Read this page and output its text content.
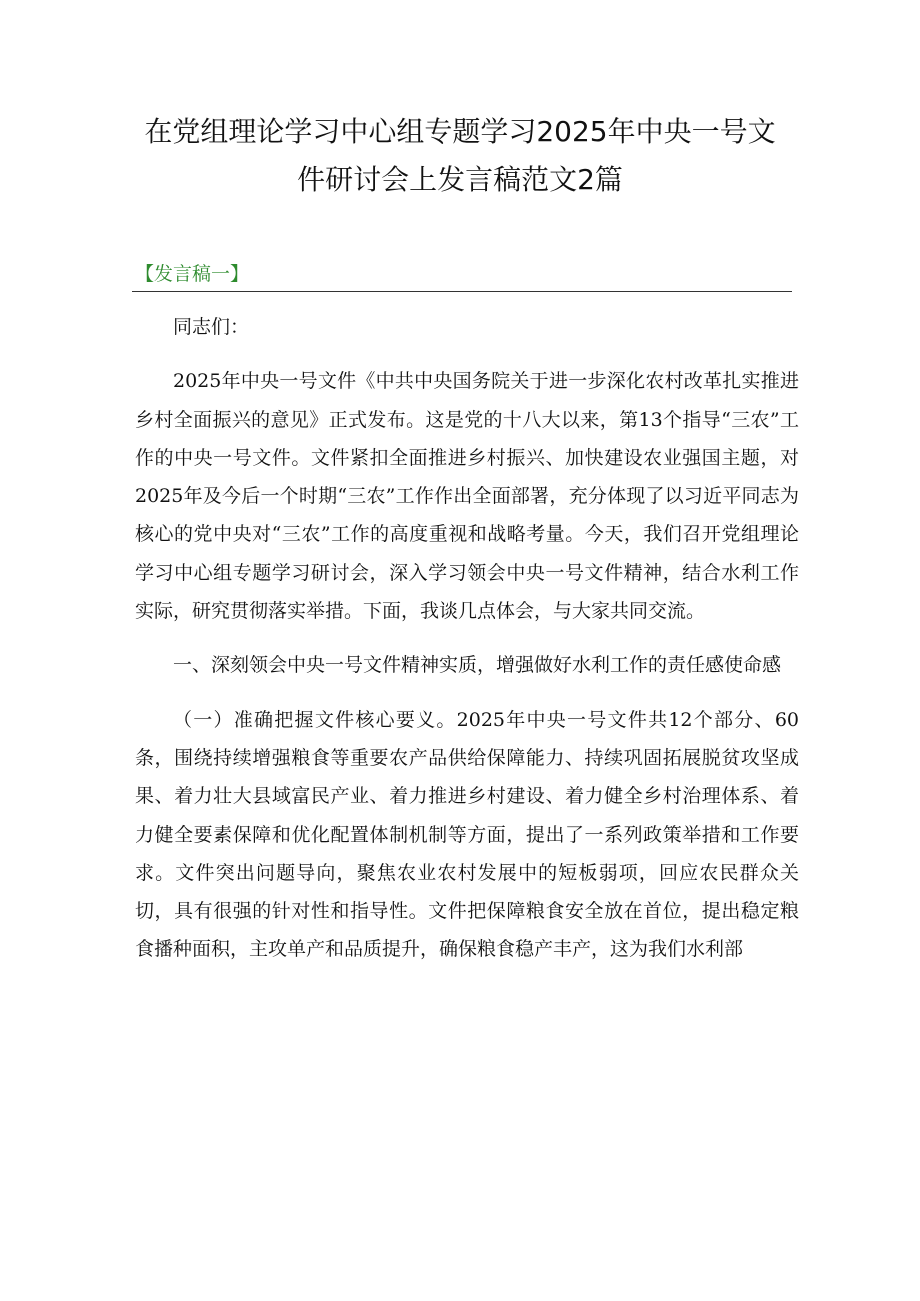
在党组理论学习中心组专题学习2025年中央一号文
件研讨会上发言稿范文2篇
【发言稿一】

同志们：

2025年中央一号文件《中共中央国务院关于进一步深化农村改革扎实推进乡村全面振兴的意见》正式发布。这是党的十八大以来，第13个指导“三农”工作的中央一号文件。文件紧扣全面推进乡村振兴、加快建设农业强国主题，对2025年及今后一个时期“三农”工作作出全面部署，充分体现了以习近平同志为核心的党中央对“三农”工作的高度重视和战略考量。今天，我们召开党组理论学习中心组专题学习研讨会，深入学习领会中央一号文件精神，结合水利工作实际，研究贯彻落实举措。下面，我谈几点体会，与大家共同交流。

一、深刻领会中央一号文件精神实质，增强做好水利工作的责任感使命感

（一）准确把握文件核心要义。2025年中央一号文件共12个部分、60条，围绕持续增强粮食等重要农产品供给保障能力、持续巩固拓展脱贫攻坚成果、着力壮大县域富民产业、着力推进乡村建设、着力健全乡村治理体系、着力健全要素保障和优化配置体制机制等方面，提出了一系列政策举措和工作要求。文件突出问题导向，聚焦农业农村发展中的短板弱项，回应农民群众关切，具有很强的针对性和指导性。文件把保障粮食安全放在首位，提出稳定粮食播种面积，主攻单产和品质提升，确保粮食稳产丰产，这为我们水利部
